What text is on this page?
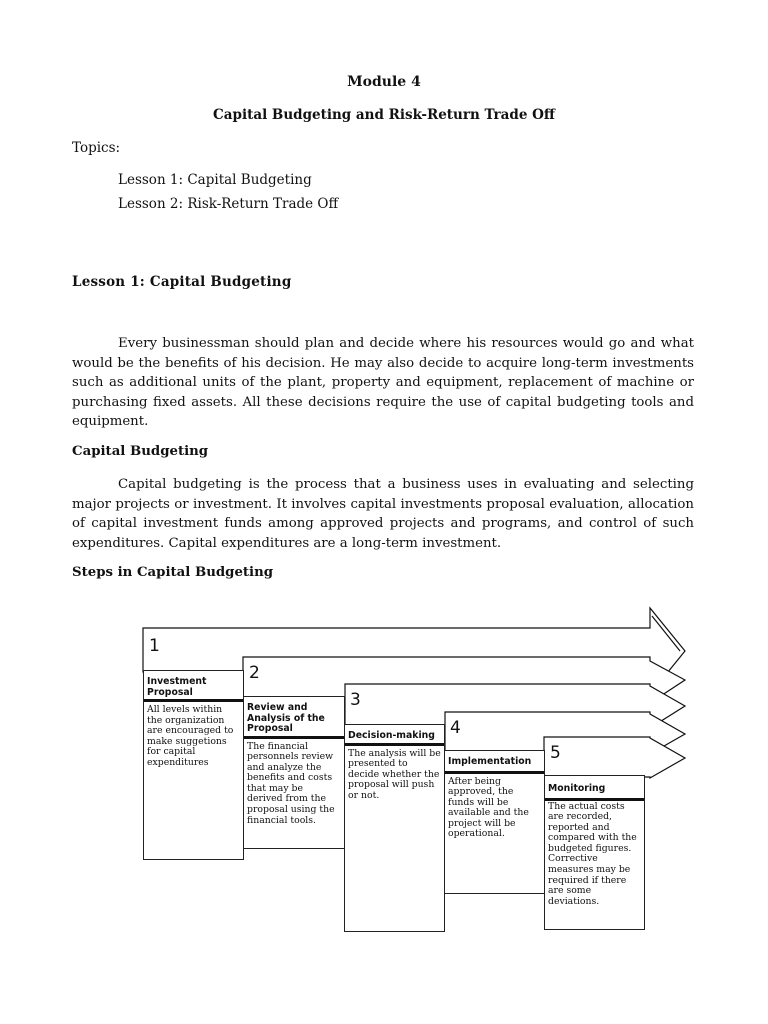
Module 4
Capital Budgeting and Risk-Return Trade Off
Topics:
Lesson 1: Capital Budgeting
Lesson 2: Risk-Return Trade Off
Lesson 1: Capital Budgeting

Every businessman should plan and decide where his resources would go and what would be the benefits of his decision. He may also decide to acquire long-term investments such as additional units of the plant, property and equipment, replacement of machine or purchasing fixed assets. All these decisions require the use of capital budgeting tools and equipment.

Capital Budgeting

Capital budgeting is the process that a business uses in evaluating and selecting major projects or investment. It involves capital investments proposal evaluation, allocation of capital investment funds among approved projects and programs, and control of such expenditures. Capital expenditures are a long-term investment.

Steps in Capital Budgeting
1
2
3
4
5
Investment Proposal
All levels within the organization are encouraged to make suggetions for capital expenditures
Review and Analysis of the Proposal
The financial personnels review and analyze the benefits and costs that may be derived from the proposal using the financial tools.
Decision-making
The analysis will be presented to decide whether the proposal will push or not.
Implementation
After being approved, the funds will be available and the project will be operational.
Monitoring
The actual costs are recorded, reported and compared with the budgeted figures. Corrective measures may be required if there are some deviations.
